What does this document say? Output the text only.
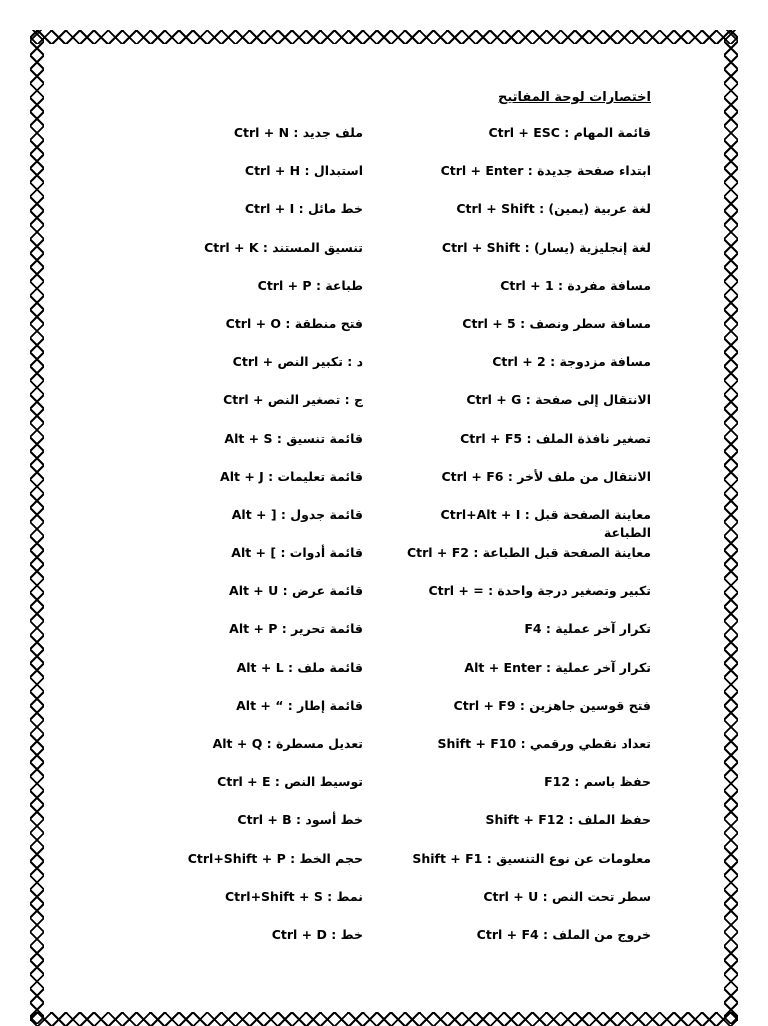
اختصارات لوحة المفاتيح
Ctrl + ESC : قائمة المهام
Ctrl + Enter : ابتداء صفحة جديدة
Ctrl + Shift : لغة عربية (يمين)
Ctrl + Shift : لغة إنجليزية (يسار)
Ctrl + 1 : مسافة مفردة
Ctrl + 5 : مسافة سطر ونصف
Ctrl + 2 : مسافة مزدوجة
Ctrl + G : الانتقال إلى صفحة
Ctrl + F5 : تصغير نافذة الملف
Ctrl + F6 : الانتقال من ملف لأخر
Ctrl+Alt + I : معاينة الصفحة قبل الطباعة
Ctrl + F2 : معاينة الصفحة قبل الطباعة
Ctrl + = : تكبير وتصغير درجة واحدة
F4 : تكرار آخر عملية
Alt + Enter : تكرار آخر عملية
Ctrl + F9 : فتح قوسين جاهزين
Shift + F10 : تعداد نقطي ورقمي
F12 : حفظ باسم
Shift + F12 : حفظ الملف
Shift + F1 : معلومات عن نوع التنسيق
Ctrl + U : سطر تحت النص
Ctrl + F4 : خروج من الملف
Ctrl + N : ملف جديد
Ctrl + H : استبدال
Ctrl + I : خط مائل
Ctrl + K : تنسيق المستند
Ctrl + P : طباعة
Ctrl + O : فتح منطقة
Ctrl + د : تكبير النص
Ctrl + ج : تصغير النص
Alt + S : قائمة تنسيق
Alt + J : قائمة تعليمات
Alt + ] : قائمة جدول
Alt + [ : قائمة أدوات
Alt + U : قائمة عرض
Alt + P : قائمة تحرير
Alt + L : قائمة ملف
Alt + “ : قائمة إطار
Alt + Q : تعديل مسطرة
Ctrl + E : توسيط النص
Ctrl + B : خط أسود
Ctrl+Shift + P : حجم الخط
Ctrl+Shift + S : نمط
Ctrl + D : خط
